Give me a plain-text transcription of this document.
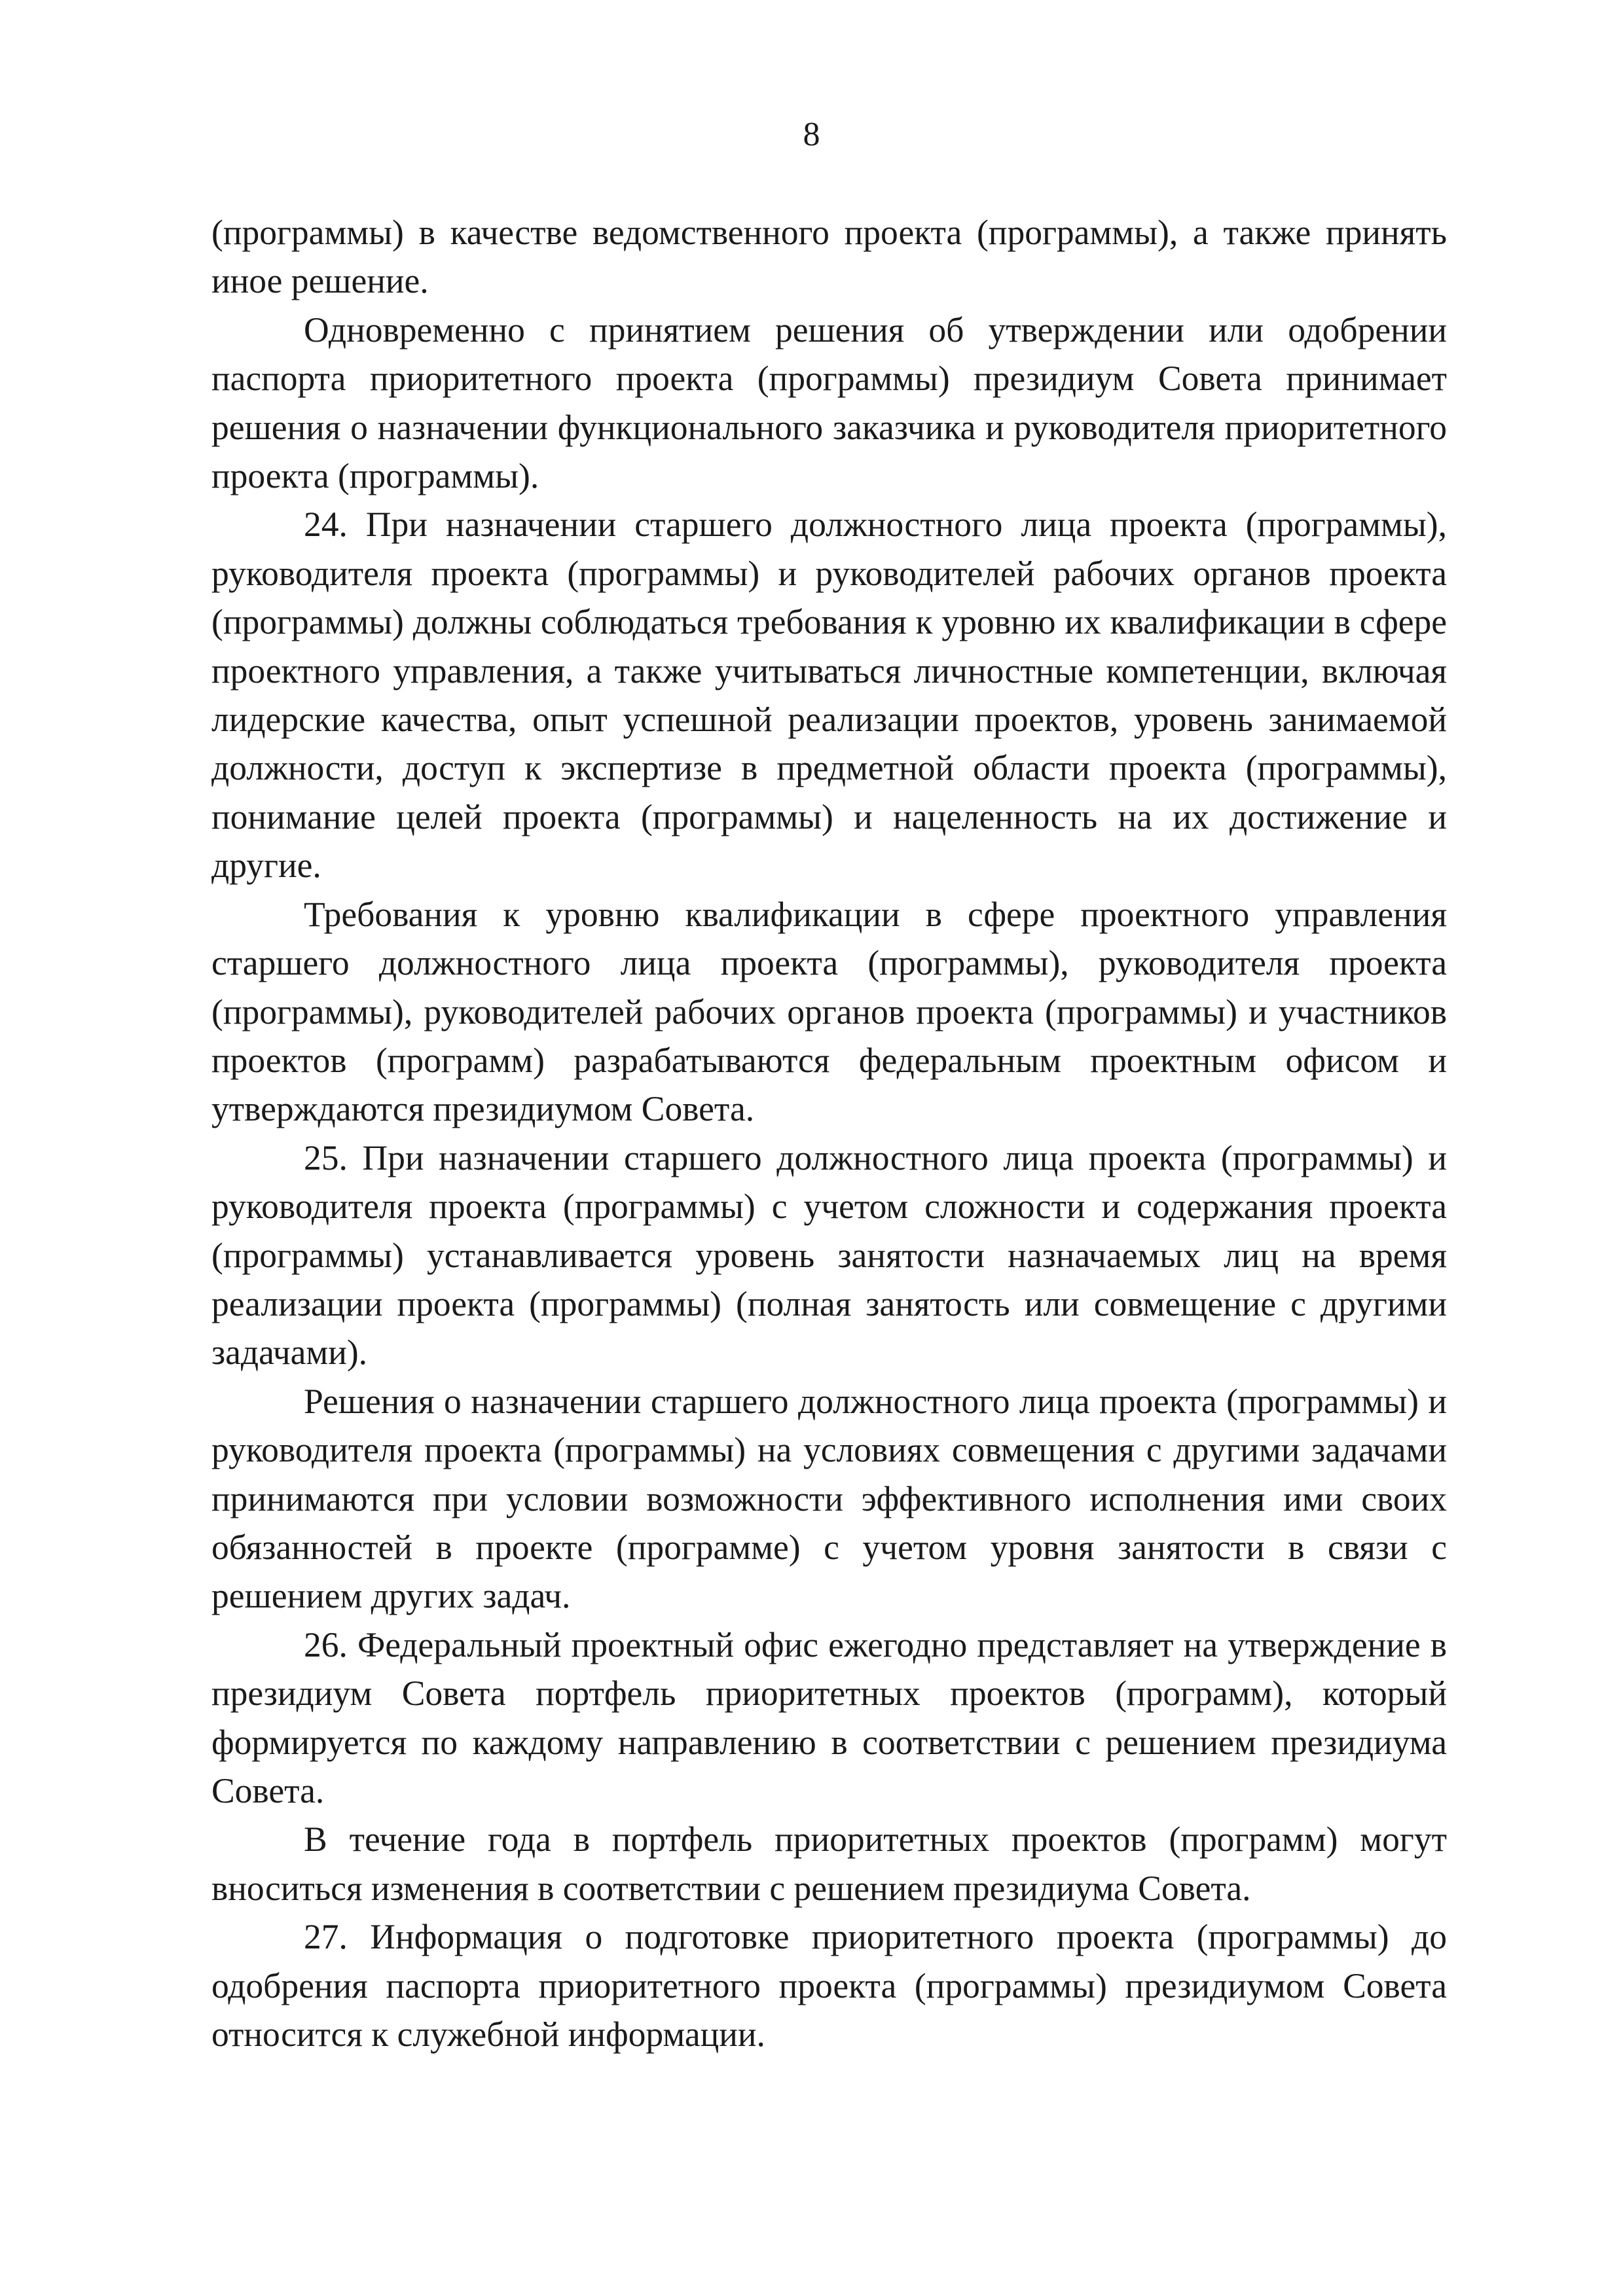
8

(программы) в качестве ведомственного проекта (программы), а также принять иное решение.

Одновременно с принятием решения об утверждении или одобрении паспорта приоритетного проекта (программы) президиум Совета принимает решения о назначении функционального заказчика и руководителя приоритетного проекта (программы).

24. При назначении старшего должностного лица проекта (программы), руководителя проекта (программы) и руководителей рабочих органов проекта (программы) должны соблюдаться требования к уровню их квалификации в сфере проектного управления, а также учитываться личностные компетенции, включая лидерские качества, опыт успешной реализации проектов, уровень занимаемой должности, доступ к экспертизе в предметной области проекта (программы), понимание целей проекта (программы) и нацеленность на их достижение и другие.

Требования к уровню квалификации в сфере проектного управления старшего должностного лица проекта (программы), руководителя проекта (программы), руководителей рабочих органов проекта (программы) и участников проектов (программ) разрабатываются федеральным проектным офисом и утверждаются президиумом Совета.

25. При назначении старшего должностного лица проекта (программы) и руководителя проекта (программы) с учетом сложности и содержания проекта (программы) устанавливается уровень занятости назначаемых лиц на время реализации проекта (программы) (полная занятость или совмещение с другими задачами).

Решения о назначении старшего должностного лица проекта (программы) и руководителя проекта (программы) на условиях совмещения с другими задачами принимаются при условии возможности эффективного исполнения ими своих обязанностей в проекте (программе) с учетом уровня занятости в связи с решением других задач.

26. Федеральный проектный офис ежегодно представляет на утверждение в президиум Совета портфель приоритетных проектов (программ), который формируется по каждому направлению в соответствии с решением президиума Совета.

В течение года в портфель приоритетных проектов (программ) могут вноситься изменения в соответствии с решением президиума Совета.

27. Информация о подготовке приоритетного проекта (программы) до одобрения паспорта приоритетного проекта (программы) президиумом Совета относится к служебной информации.
